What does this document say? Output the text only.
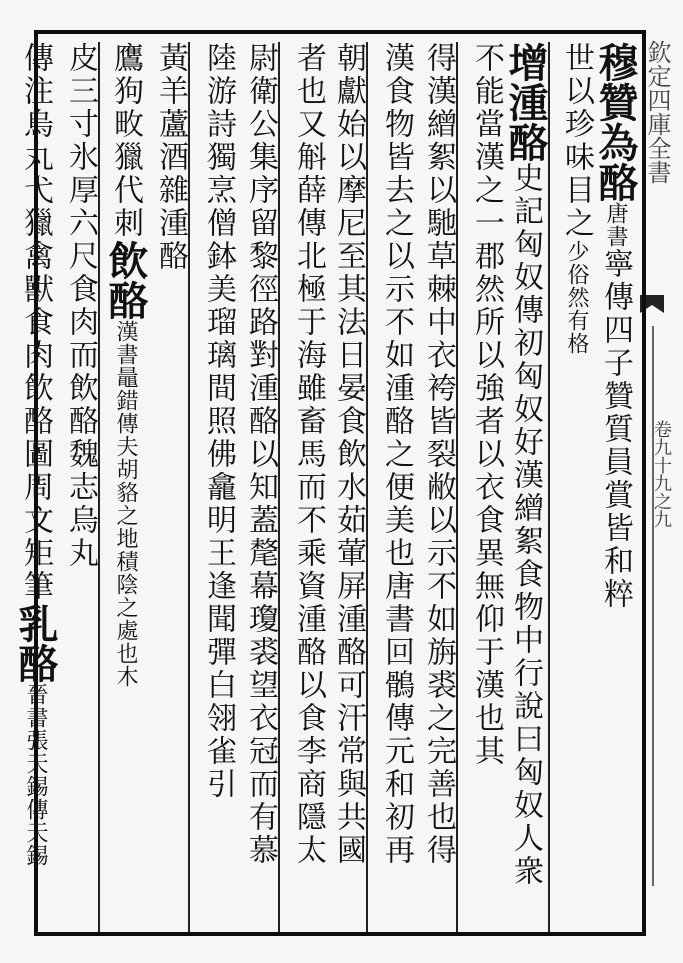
欽定四庫全書
卷九十九之九
穆贊為酪唐書寧傳四子贊質員賞皆和粹
世以珍味目之少俗然有格
增湩酪史記匈奴傳初匈奴好漢繒絮食物中行說曰匈奴人衆
不能當漢之一郡然所以強者以衣食異無仰于漢也其
得漢繒絮以馳草棘中衣袴皆裂敝以示不如旃裘之完善也得
漢食物皆去之以示不如湩酪之便美也唐書回鶻傳元和初再
朝獻始以摩尼至其法日晏食飲水茹葷屏湩酪可汗常與共國
者也又斛薛傳北極于海雖畜馬而不乘資湩酪以食李商隱太
尉衛公集序留黎徑路對湩酪以知蓋氂幕瓊裘望衣冠而有慕
陸游詩獨烹僧鉢美瑠璃間照佛龕明王逢聞彈白翎雀引
黃羊蘆酒雜湩酪
鷹狗畋獵代刺飲酪漢書鼂錯傳夫胡貉之地積陰之處也木
皮三寸氷厚六尺食肉而飲酪魏志烏丸
傳注烏丸弋獵禽獸食肉飲酪圖周文矩筆乳酪晉書張天錫傳天錫
